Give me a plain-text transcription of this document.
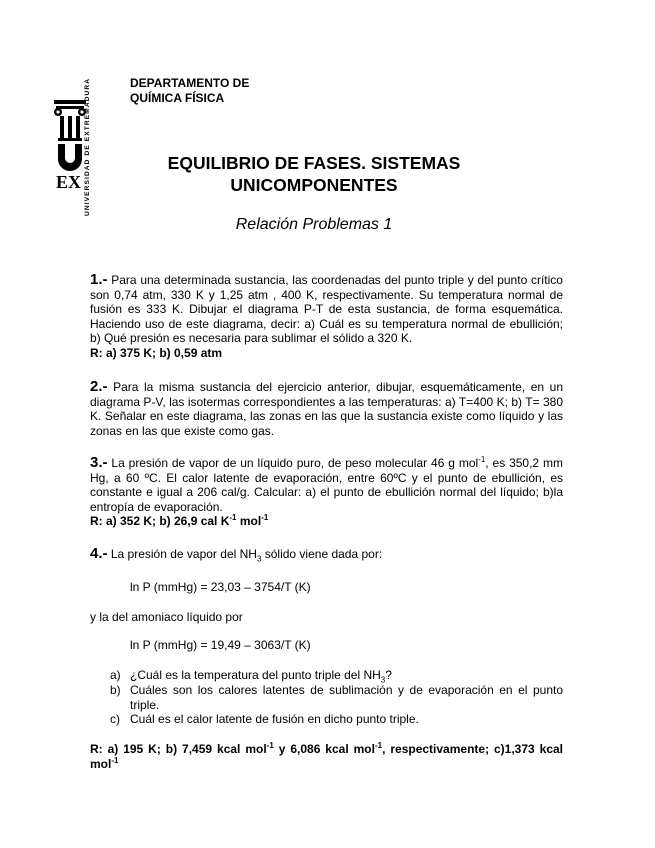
EX UNIVERSIDAD DE EXTREMADURA	DEPARTAMENTO DE
QUÍMICA FÍSICA
EQUILIBRIO DE FASES. SISTEMAS
UNICOMPONENTES
Relación Problemas 1
1.- Para una determinada sustancia, las coordenadas del punto triple y del punto crítico son 0,74 atm, 330 K y 1,25 atm , 400 K, respectivamente. Su temperatura normal de fusión es 333 K. Dibujar el diagrama P-T de esta sustancia, de forma esquemática. Haciendo uso de este diagrama, decir: a) Cuál es su temperatura normal de ebullición; b) Qué presión es necesaria para sublimar el sólido a 320 K.
R: a) 375 K; b) 0,59 atm
2.- Para la misma sustancia del ejercicio anterior, dibujar, esquemáticamente, en un diagrama P-V, las isotermas correspondientes a las temperaturas: a) T=400 K; b) T= 380 K. Señalar en este diagrama, las zonas en las que la sustancia existe como líquido y las zonas en las que existe como gas.
3.- La presión de vapor de un líquido puro, de peso molecular 46 g mol$^{-1}$, es 350,2 mm Hg, a 60 ºC. El calor latente de evaporación, entre 60ºC y el punto de ebullición, es constante e igual a 206 cal/g. Calcular: a) el punto de ebullición normal del líquido; b)la entropía de evaporación.
R: a) 352 K; b) 26,9 cal $K^{-1}$ mol$^{-1}$
4.- La presión de vapor del $NH_3$ sólido viene dada por:
ln P (mmHg) = 23,03 – 3754/T (K)
y la del amoniaco líquido por
ln P (mmHg) = 19,49 – 3063/T (K)
a) ¿Cuál es la temperatura del punto triple del $NH_3$?
b) Cuáles son los calores latentes de sublimación y de evaporación en el punto triple.
c) Cuál es el calor latente de fusión en dicho punto triple.
R: a) 195 K; b) 7,459 kcal mol$^{-1}$ y 6,086 kcal mol$^{-1}$, respectivamente; c)1,373 kcal mol$^{-1}$
